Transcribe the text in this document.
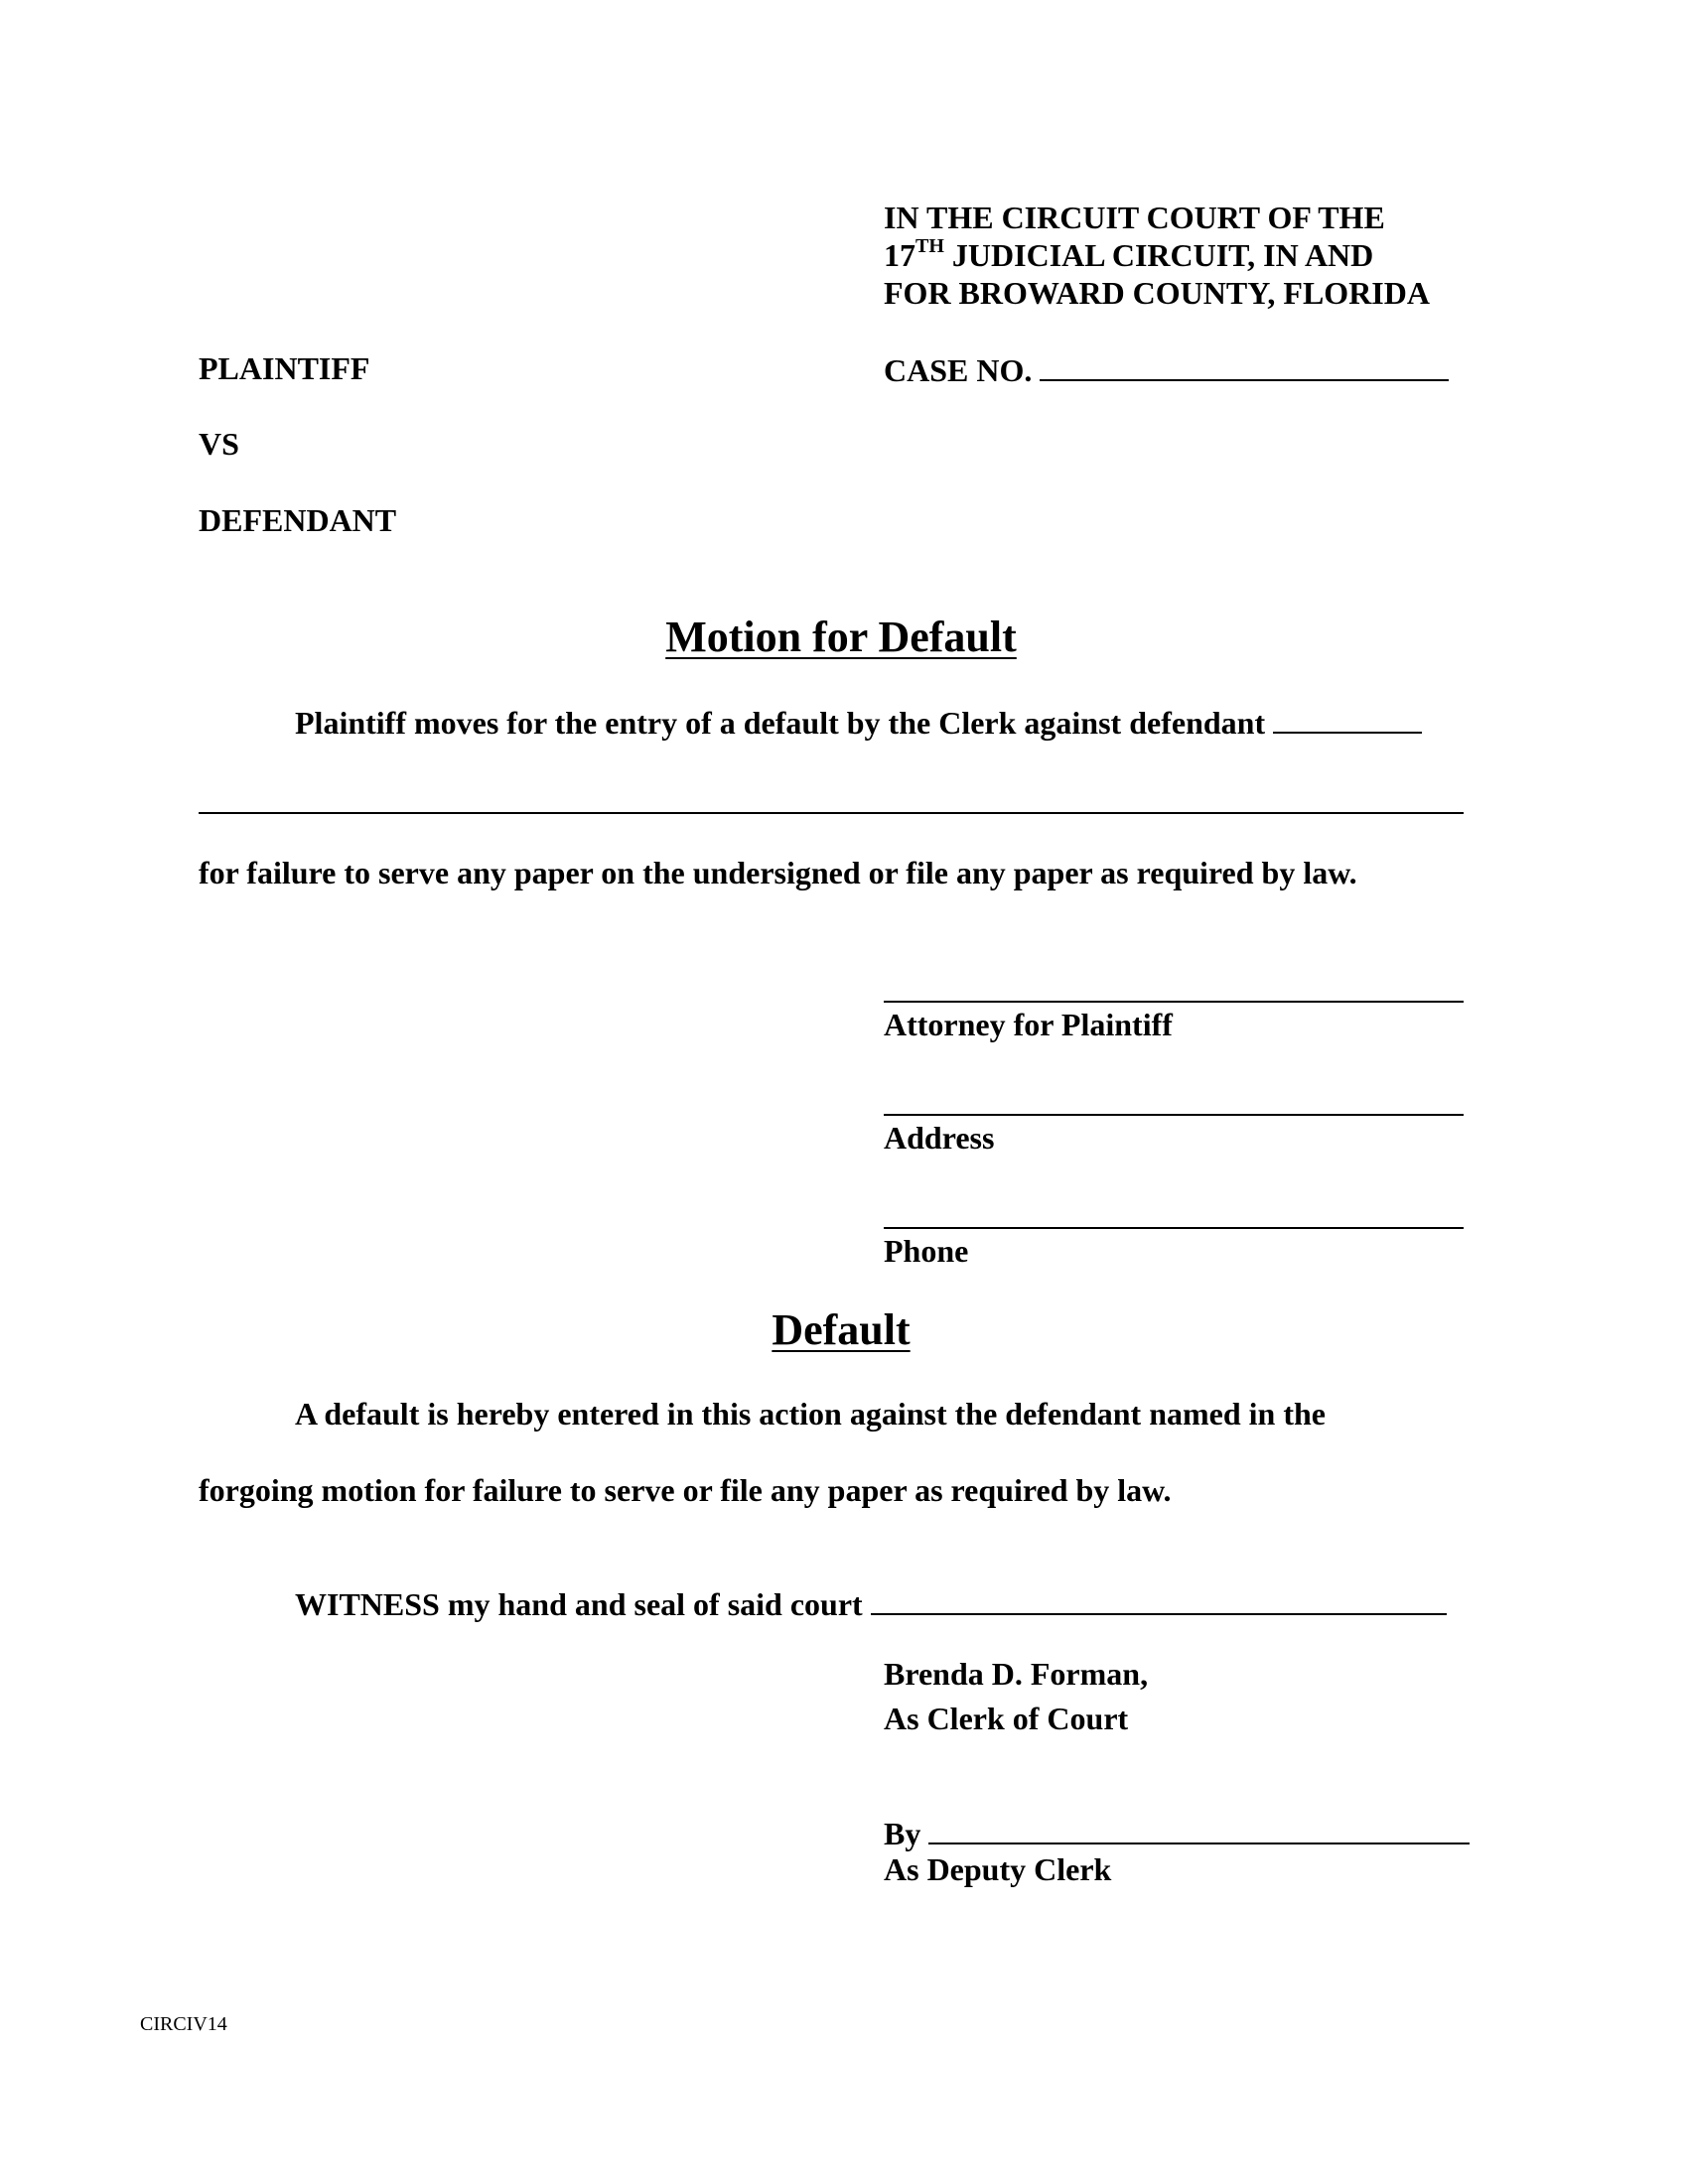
IN THE CIRCUIT COURT OF THE
17TH JUDICIAL CIRCUIT, IN AND
FOR BROWARD COUNTY, FLORIDA
PLAINTIFF	CASE NO.
VS
DEFENDANT
Motion for Default
Plaintiff moves for the entry of a default by the Clerk against defendant
for failure to serve any paper on the undersigned or file any paper as required by law.
Attorney for Plaintiff
Address
Phone
Default
A default is hereby entered in this action against the defendant named in the
forgoing motion for failure to serve or file any paper as required by law.
WITNESS my hand and seal of said court
Brenda D. Forman,
As Clerk of Court
By
As Deputy Clerk
CIRCIV14
